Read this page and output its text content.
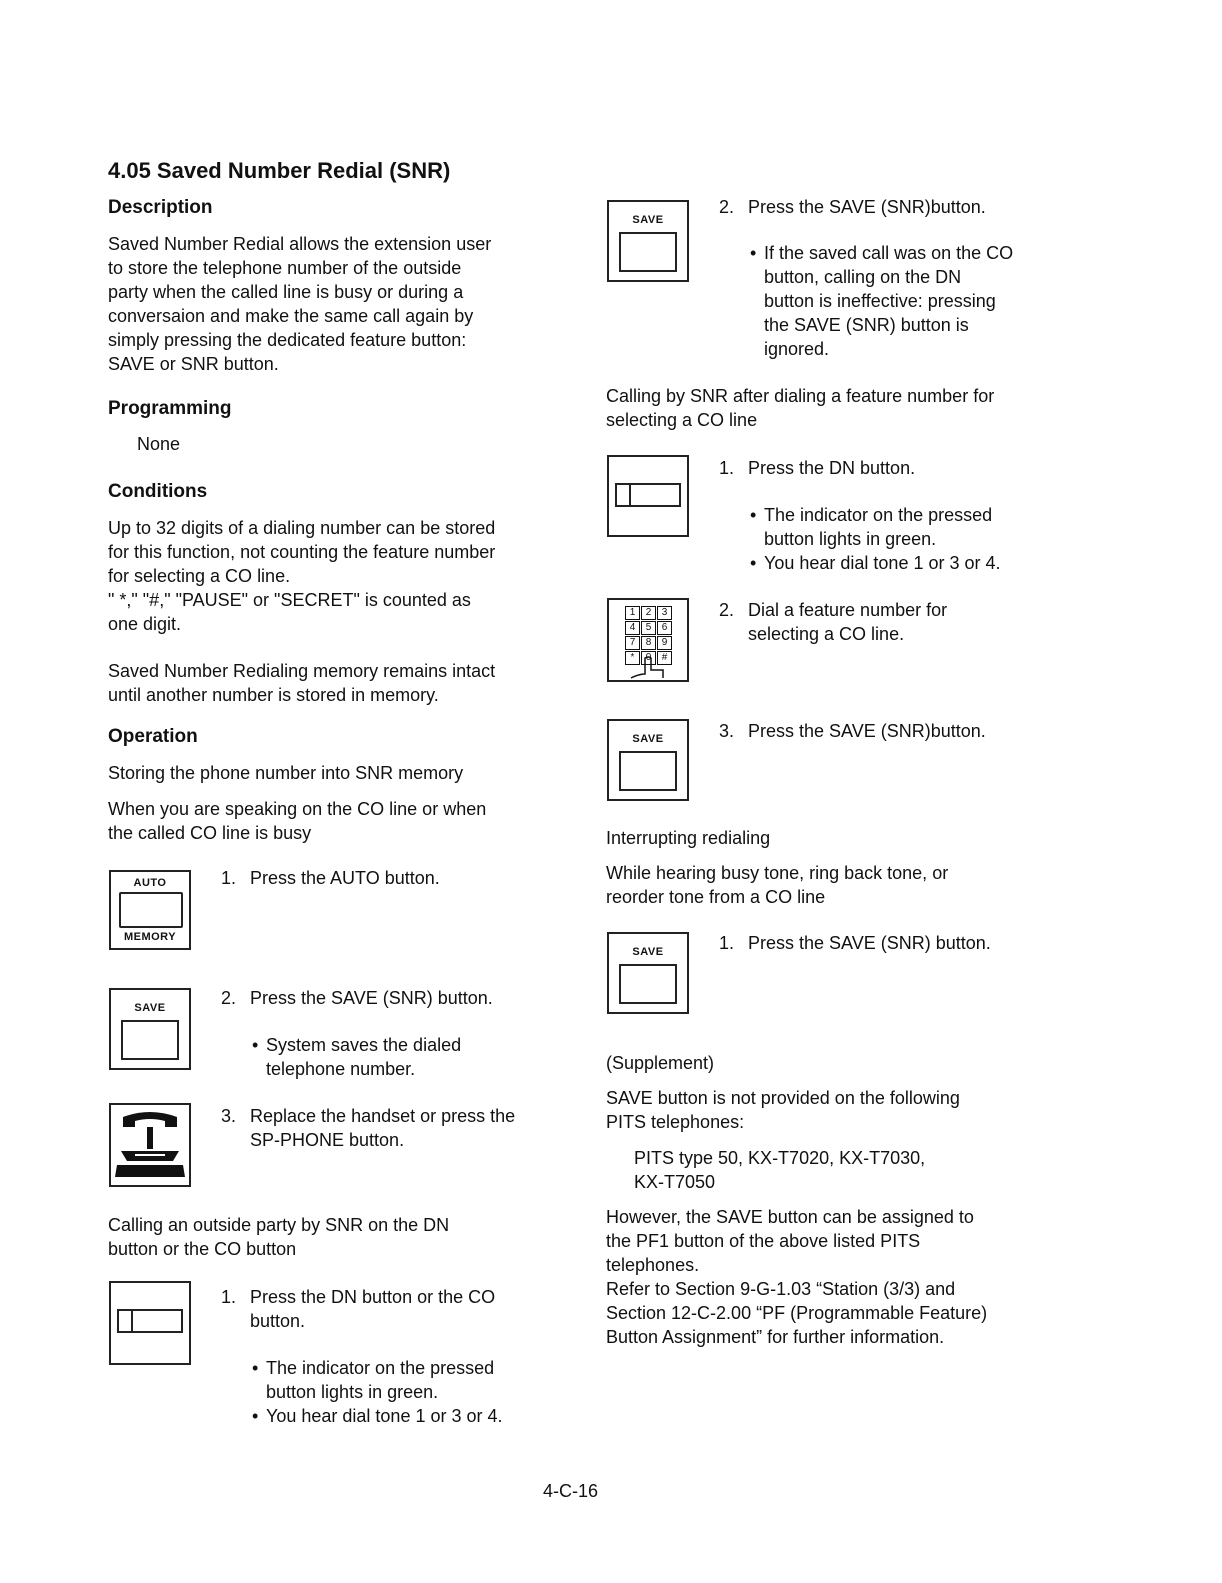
4.05 Saved Number Redial (SNR)
Description
Saved Number Redial allows the extension user
to store the telephone number of the outside
party when the called line is busy or during a
conversaion and make the same call again by
simply pressing the dedicated feature button:
SAVE or SNR button.
Programming
None
Conditions
Up to 32 digits of a dialing number can be stored
for this function, not counting the feature number
for selecting a CO line.
" *," "#," "PAUSE" or "SECRET" is counted as
one digit.
Saved Number Redialing memory remains intact
until another number is stored in memory.
Operation
Storing the phone number into SNR memory
When you are speaking on the CO line or when
the called CO line is busy
AUTO
MEMORY
1. Press the AUTO button.
SAVE	2. Press the SAVE (SNR) button.
• System saves the dialed
telephone number.
3. Replace the handset or press the
SP-PHONE button.
Calling an outside party by SNR on the DN
button or the CO button
1. Press the DN button or the CO
button.
• The indicator on the pressed
button lights in green.
• You hear dial tone 1 or 3 or 4.
SAVE
2. Press the SAVE (SNR)button.
• If the saved call was on the CO
button, calling on the DN
button is ineffective: pressing
the SAVE (SNR) button is
ignored.
Calling by SNR after dialing a feature number for
selecting a CO line
1. Press the DN button.
• The indicator on the pressed
button lights in green.
• You hear dial tone 1 or 3 or 4.
1	2	3
4	5	6
7	8	9
*	0	#
2. Dial a feature number for
selecting a CO line.
SAVE	3. Press the SAVE (SNR)button.
Interrupting redialing
While hearing busy tone, ring back tone, or
reorder tone from a CO line
SAVE	1. Press the SAVE (SNR) button.
(Supplement)
SAVE button is not provided on the following
PITS telephones:
PITS type 50, KX-T7020, KX-T7030,
KX-T7050
However, the SAVE button can be assigned to
the PF1 button of the above listed PITS
telephones.
Refer to Section 9-G-1.03 “Station (3/3) and
Section 12-C-2.00 “PF (Programmable Feature)
Button Assignment” for further information.
4-C-16
